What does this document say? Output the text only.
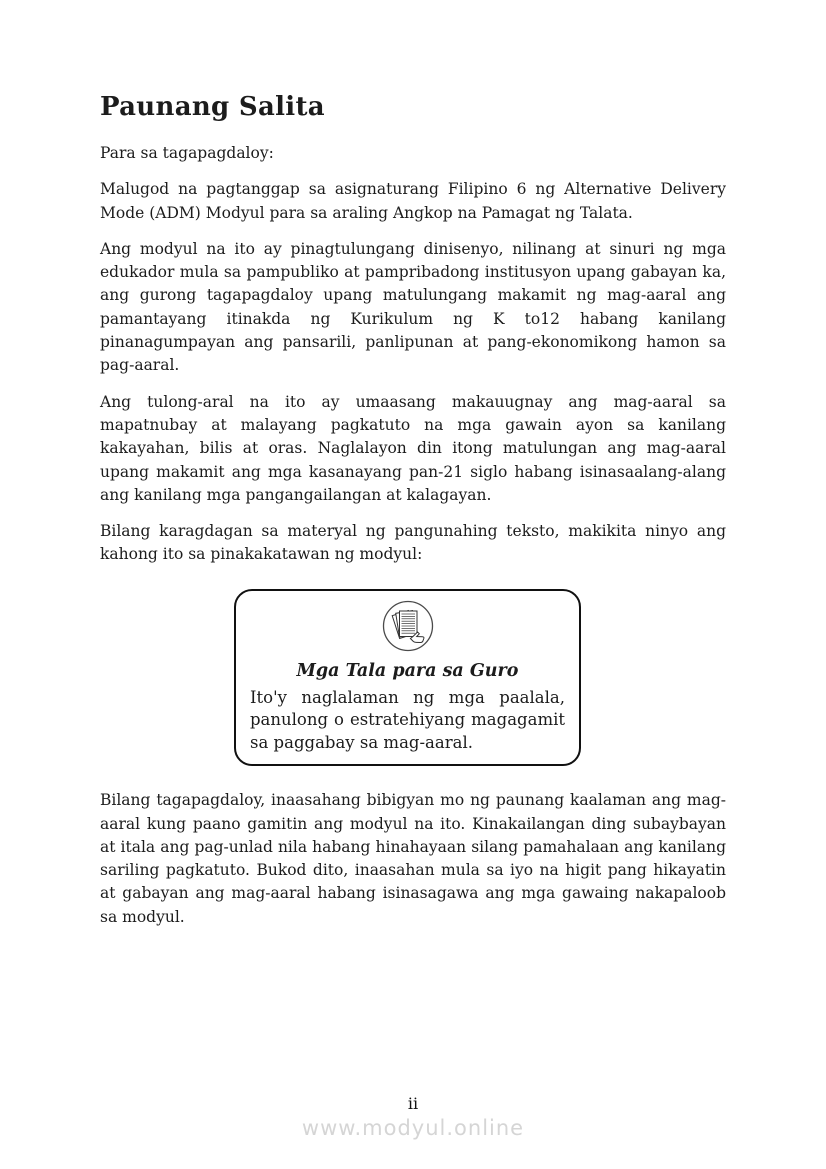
Paunang Salita

Para sa tagapagdaloy:

Malugod na pagtanggap sa asignaturang Filipino 6 ng Alternative Delivery Mode (ADM) Modyul para sa araling Angkop na Pamagat ng Talata.

Ang modyul na ito ay pinagtulungang dinisenyo, nilinang at sinuri ng mga edukador mula sa pampubliko at pampribadong institusyon upang gabayan ka, ang gurong tagapagdaloy upang matulungang makamit ng mag-aaral ang pamantayang itinakda ng Kurikulum ng K to12 habang kanilang pinanagumpayan ang pansarili, panlipunan at pang-ekonomikong hamon sa pag-aaral.

Ang tulong-aral na ito ay umaasang makauugnay ang mag-aaral sa mapatnubay at malayang pagkatuto na mga gawain ayon sa kanilang kakayahan, bilis at oras. Naglalayon din itong matulungan ang mag-aaral upang makamit ang mga kasanayang pan-21 siglo habang isinasaalang-alang ang kanilang mga pangangailangan at kalagayan.

Bilang karagdagan sa materyal ng pangunahing teksto, makikita ninyo ang kahong ito sa pinakakatawan ng modyul:

Mga Tala para sa Guro

Ito'y naglalaman ng mga paalala, panulong o estratehiyang magagamit sa paggabay sa mag-aaral.

Bilang tagapagdaloy, inaasahang bibigyan mo ng paunang kaalaman ang mag-aaral kung paano gamitin ang modyul na ito. Kinakailangan ding subaybayan at itala ang pag-unlad nila habang hinahayaan silang pamahalaan ang kanilang sariling pagkatuto. Bukod dito, inaasahan mula sa iyo na higit pang hikayatin at gabayan ang mag-aaral habang isinasagawa ang mga gawaing nakapaloob sa modyul.

ii
www.modyul.online
